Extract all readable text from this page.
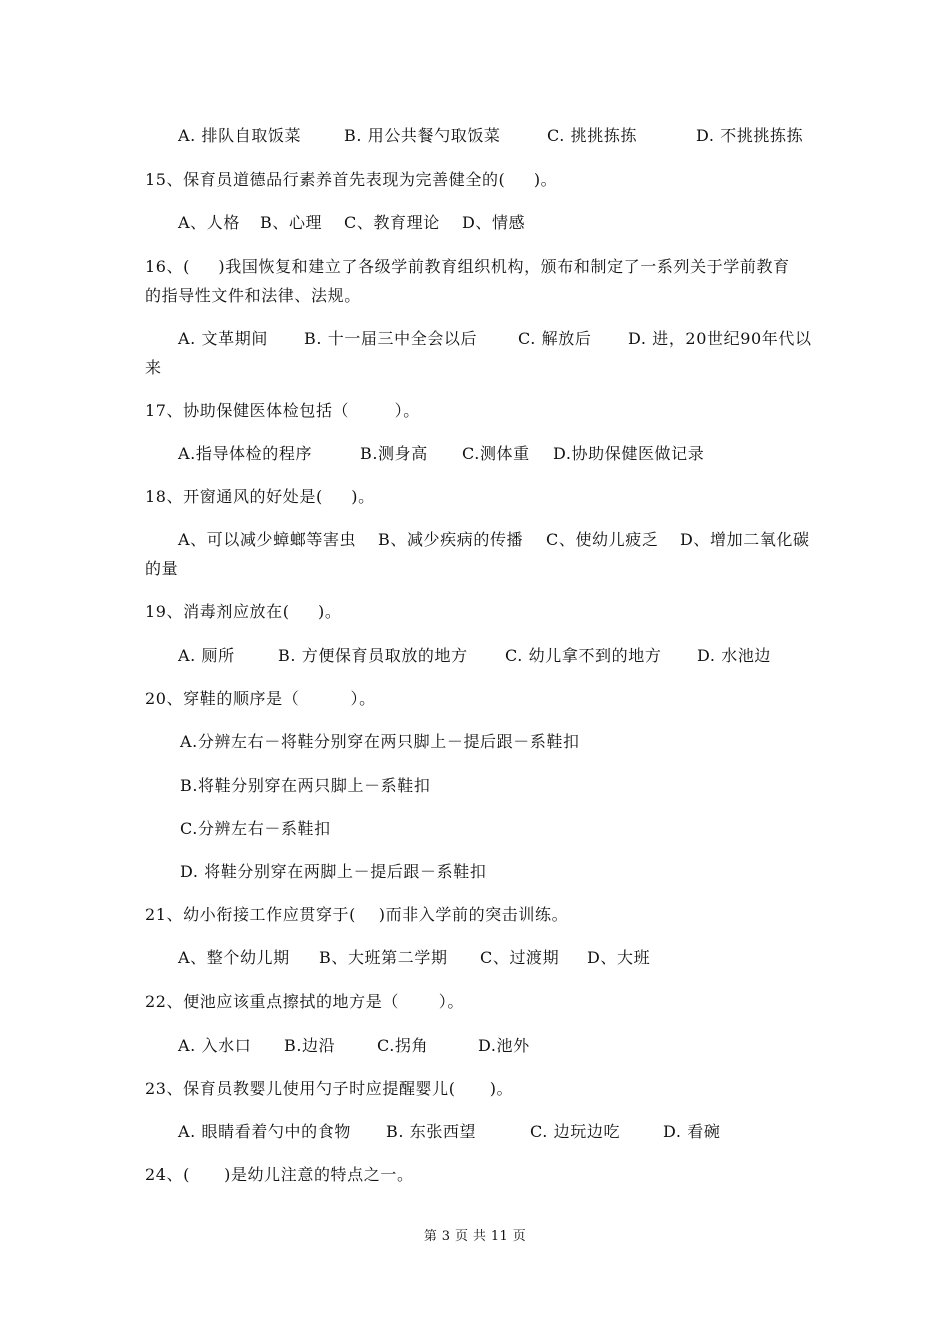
A. 排队自取饭菜

	B. 用公共餐勺取饭菜

	C. 挑挑拣拣

	D. 不挑挑拣拣

15、保育员道德品行素养首先表现为完善健全的(     )。

A、人格

B、心理

C、教育理论

D、情感

16、(     )我国恢复和建立了各级学前教育组织机构，颁布和制定了一系列关于学前教育
的指导性文件和法律、法规。

A. 文革期间

B. 十一届三中全会以后

	C. 解放后

D. 进，20世纪90年代以

来
17、协助保健医体检包括（        ）。

A.指导体检的程序

	B.测身高

C.测体重

D.协助保健医做记录

18、开窗通风的好处是(     )。

A、可以减少蟑螂等害虫

B、减少疾病的传播

C、使幼儿疲乏

D、增加二氧化碳

的量
19、消毒剂应放在(     )。

A. 厕所

	B. 方便保育员取放的地方

C. 幼儿拿不到的地方

D. 水池边

20、穿鞋的顺序是（         ）。
A.分辨左右－将鞋分别穿在两只脚上－提后跟－系鞋扣
B.将鞋分别穿在两只脚上－系鞋扣
C.分辨左右－系鞋扣
D. 将鞋分别穿在两脚上－提后跟－系鞋扣
21、幼小衔接工作应贯穿于(    )而非入学前的突击训练。

A、整个幼儿期

B、大班第二学期

C、过渡期

D、大班

22、便池应该重点擦拭的地方是（       ）。

A. 入水口

B.边沿

	C.拐角

	D.池外

23、保育员教婴儿使用勺子时应提醒婴儿(      )。

A. 眼睛看着勺中的食物

B. 东张西望

	C. 边玩边吃

	D. 看碗

24、(      )是幼儿注意的特点之一。
第 3 页 共 11 页
